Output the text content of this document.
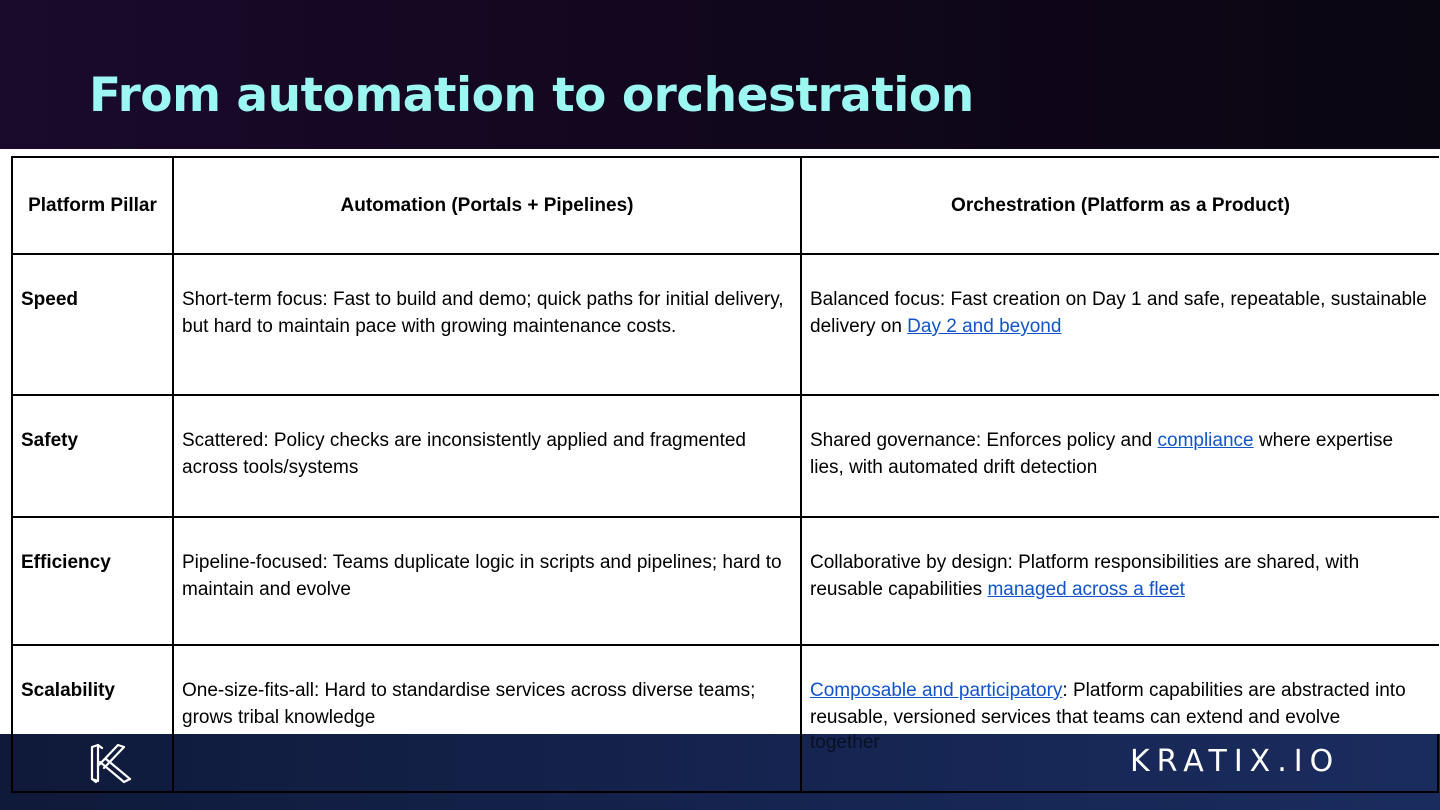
From automation to orchestration
Platform Pillar	Automation (Portals + Pipelines)	Orchestration (Platform as a Product)
Speed	Short-term focus: Fast to build and demo; quick paths for initial delivery, but hard to maintain pace with growing maintenance costs.	Balanced focus: Fast creation on Day 1 and safe, repeatable, sustainable delivery on Day 2 and beyond
Safety	Scattered: Policy checks are inconsistently applied and fragmented across tools/systems	Shared governance: Enforces policy and compliance where expertise lies, with automated drift detection
Efficiency	Pipeline-focused: Teams duplicate logic in scripts and pipelines; hard to maintain and evolve	Collaborative by design: Platform responsibilities are shared, with reusable capabilities managed across a fleet
Scalability	One-size-fits-all: Hard to standardise services across diverse teams; grows tribal knowledge	Composable and participatory: Platform capabilities are abstracted into reusable, versioned services that teams can extend and evolve
together
KRATIX.IO
